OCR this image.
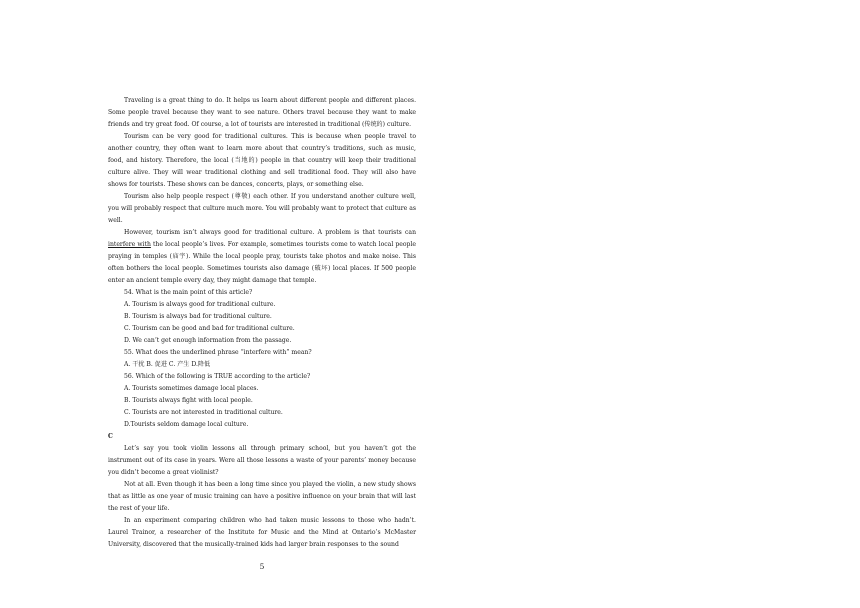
Traveling is a great thing to do. It helps us learn about different people and different places. Some people travel because they want to see nature. Others travel because they want to make friends and try great food. Of course, a lot of tourists are interested in traditional (传统的) culture.

Tourism can be very good for traditional cultures. This is because when people travel to another country, they often want to learn more about that country’s traditions, such as music, food, and history. Therefore, the local (当地的) people in that country will keep their traditional culture alive. They will wear traditional clothing and sell traditional food. They will also have shows for tourists. These shows can be dances, concerts, plays, or something else.

Tourism also help people respect (尊敬) each other. If you understand another culture well, you will probably respect that culture much more. You will probably want to protect that culture as well.

However, tourism isn’t always good for traditional culture. A problem is that tourists can interfere with the local people’s lives. For example, sometimes tourists come to watch local people praying in temples (庙宇). While the local people pray, tourists take photos and make noise. This often bothers the local people. Sometimes tourists also damage (破坏) local places. If 500 people enter an ancient temple every day, they might damage that temple.

54. What is the main point of this article?

A. Tourism is always good for traditional culture.

B. Tourism is always bad for traditional culture.

C. Tourism can be good and bad for traditional culture.

D. We can’t get enough information from the passage.

55. What does the underlined phrase “interfere with” mean?

A. 干扰 B. 促进 C. 产生 D.降低

56. Which of the following is TRUE according to the article?

A. Tourists sometimes damage local places.

B. Tourists always fight with local people.

C. Tourists are not interested in traditional culture.

D.Tourists seldom damage local culture.

C

Let’s say you took violin lessons all through primary school, but you haven’t got the instrument out of its case in years. Were all those lessons a waste of your parents’ money because you didn’t become a great violinist?

Not at all. Even though it has been a long time since you played the violin, a new study shows that as little as one year of music training can have a positive influence on your brain that will last the rest of your life.

In an experiment comparing children who had taken music lessons to those who hadn’t. Laurel Trainor, a researcher of the Institute for Music and the Mind at Ontario’s McMaster University, discovered that the musically-trained kids had larger brain responses to the sound

5
